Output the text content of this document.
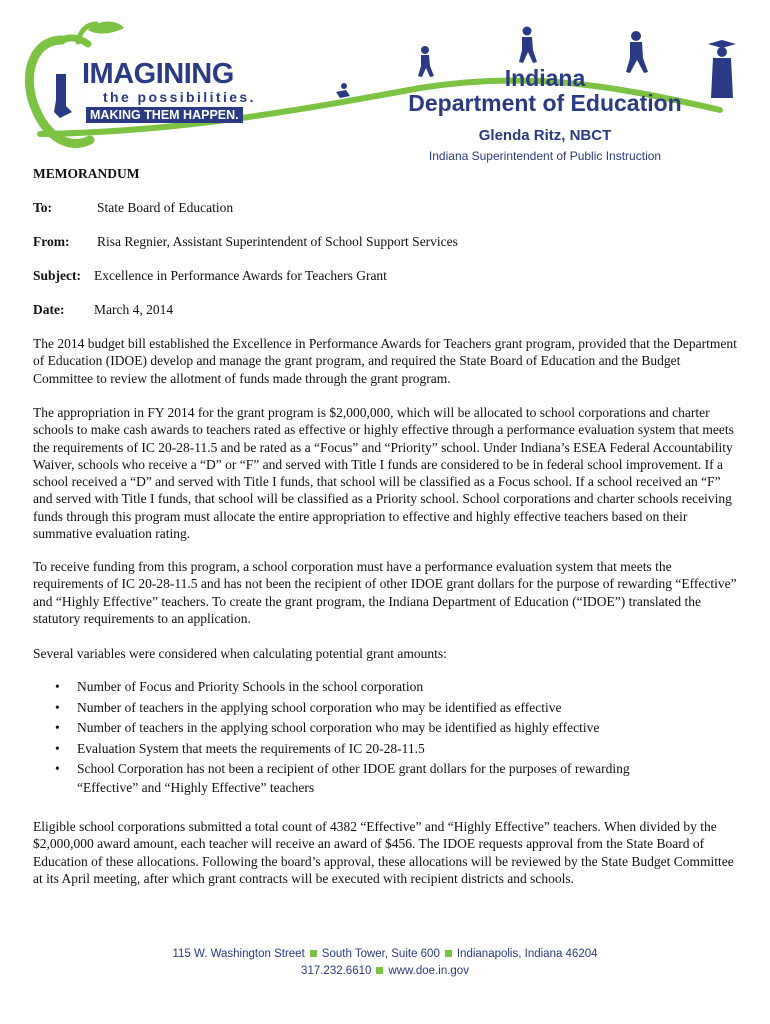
IMAGINING
the possibilities.
MAKING THEM HAPPEN.
Indiana
Department of Education
Glenda Ritz, NBCT
Indiana Superintendent of Public Instruction
MEMORANDUM
To:	State Board of Education
From: Risa Regnier, Assistant Superintendent of School Support Services
Subject: Excellence in Performance Awards for Teachers Grant
Date: March 4, 2014

The 2014 budget bill established the Excellence in Performance Awards for Teachers grant program, provided that the Department of Education (IDOE) develop and manage the grant program, and required the State Board of Education and the Budget Committee to review the allotment of funds made through the grant program.

The appropriation in FY 2014 for the grant program is $2,000,000, which will be allocated to school corporations and charter schools to make cash awards to teachers rated as effective or highly effective through a performance evaluation system that meets the requirements of IC 20-28-11.5 and be rated as a “Focus” and “Priority” school. Under Indiana’s ESEA Federal Accountability Waiver, schools who receive a “D” or “F” and served with Title I funds are considered to be in federal school improvement. If a school received a “D” and served with Title I funds, that school will be classified as a Focus school. If a school received an “F” and served with Title I funds, that school will be classified as a Priority school. School corporations and charter schools receiving funds through this program must allocate the entire appropriation to effective and highly effective teachers based on their summative evaluation rating.

To receive funding from this program, a school corporation must have a performance evaluation system that meets the requirements of IC 20-28-11.5 and has not been the recipient of other IDOE grant dollars for the purpose of rewarding “Effective” and “Highly Effective” teachers. To create the grant program, the Indiana Department of Education (“IDOE”) translated the statutory requirements to an application.

Several variables were considered when calculating potential grant amounts:

• Number of Focus and Priority Schools in the school corporation
• Number of teachers in the applying school corporation who may be identified as effective
• Number of teachers in the applying school corporation who may be identified as highly effective
• Evaluation System that meets the requirements of IC 20-28-11.5
• School Corporation has not been a recipient of other IDOE grant dollars for the purposes of rewarding “Effective” and “Highly Effective” teachers

Eligible school corporations submitted a total count of 4382 “Effective” and “Highly Effective” teachers. When divided by the $2,000,000 award amount, each teacher will receive an award of $456. The IDOE requests approval from the State Board of Education of these allocations. Following the board’s approval, these allocations will be reviewed by the State Budget Committee at its April meeting, after which grant contracts will be executed with recipient districts and schools.

115 W. Washington Street South Tower, Suite 600 Indianapolis, Indiana 46204
317.232.6610 www.doe.in.gov
